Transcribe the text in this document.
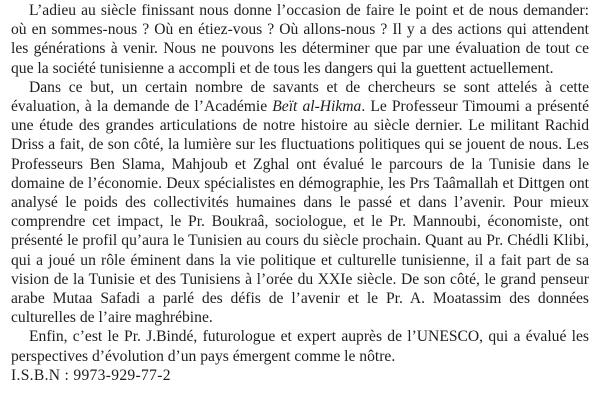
L’adieu au siècle finissant nous donne l’occasion de faire le point et de nous demander: où en sommes-nous ? Où en étiez-vous ? Où allons-nous ? Il y a des actions qui attendent les générations à venir. Nous ne pouvons les déterminer que par une évaluation de tout ce que la société tunisienne a accompli et de tous les dangers qui la guettent actuellement.

Dans ce but, un certain nombre de savants et de chercheurs se sont attelés à cette évaluation, à la demande de l’Académie Beït al-Hikma. Le Professeur Timoumi a présenté une étude des grandes articulations de notre histoire au siècle dernier. Le militant Rachid Driss a fait, de son côté, la lumière sur les fluctuations politiques qui se jouent de nous. Les Professeurs Ben Slama, Mahjoub et Zghal ont évalué le parcours de la Tunisie dans le domaine de l’économie. Deux spécialistes en démographie, les Prs Taâmallah et Dittgen ont analysé le poids des collectivités humaines dans le passé et dans l’avenir. Pour mieux comprendre cet impact, le Pr. Boukraâ, sociologue, et le Pr. Mannoubi, économiste, ont présenté le profil qu’aura le Tunisien au cours du siècle prochain. Quant au Pr. Chédli Klibi, qui a joué un rôle éminent dans la vie politique et culturelle tunisienne, il a fait part de sa vision de la Tunisie et des Tunisiens à l’orée du XXIe siècle. De son côté, le grand penseur arabe Mutaa Safadi a parlé des défis de l’avenir et le Pr. A. Moatassim des données culturelles de l’aire maghrébine.

Enfin, c’est le Pr. J.Bindé, futurologue et expert auprès de l’UNESCO, qui a évalué les perspectives d’évolution d’un pays émergent comme le nôtre.

I.S.B.N : 9973-929-77-2
